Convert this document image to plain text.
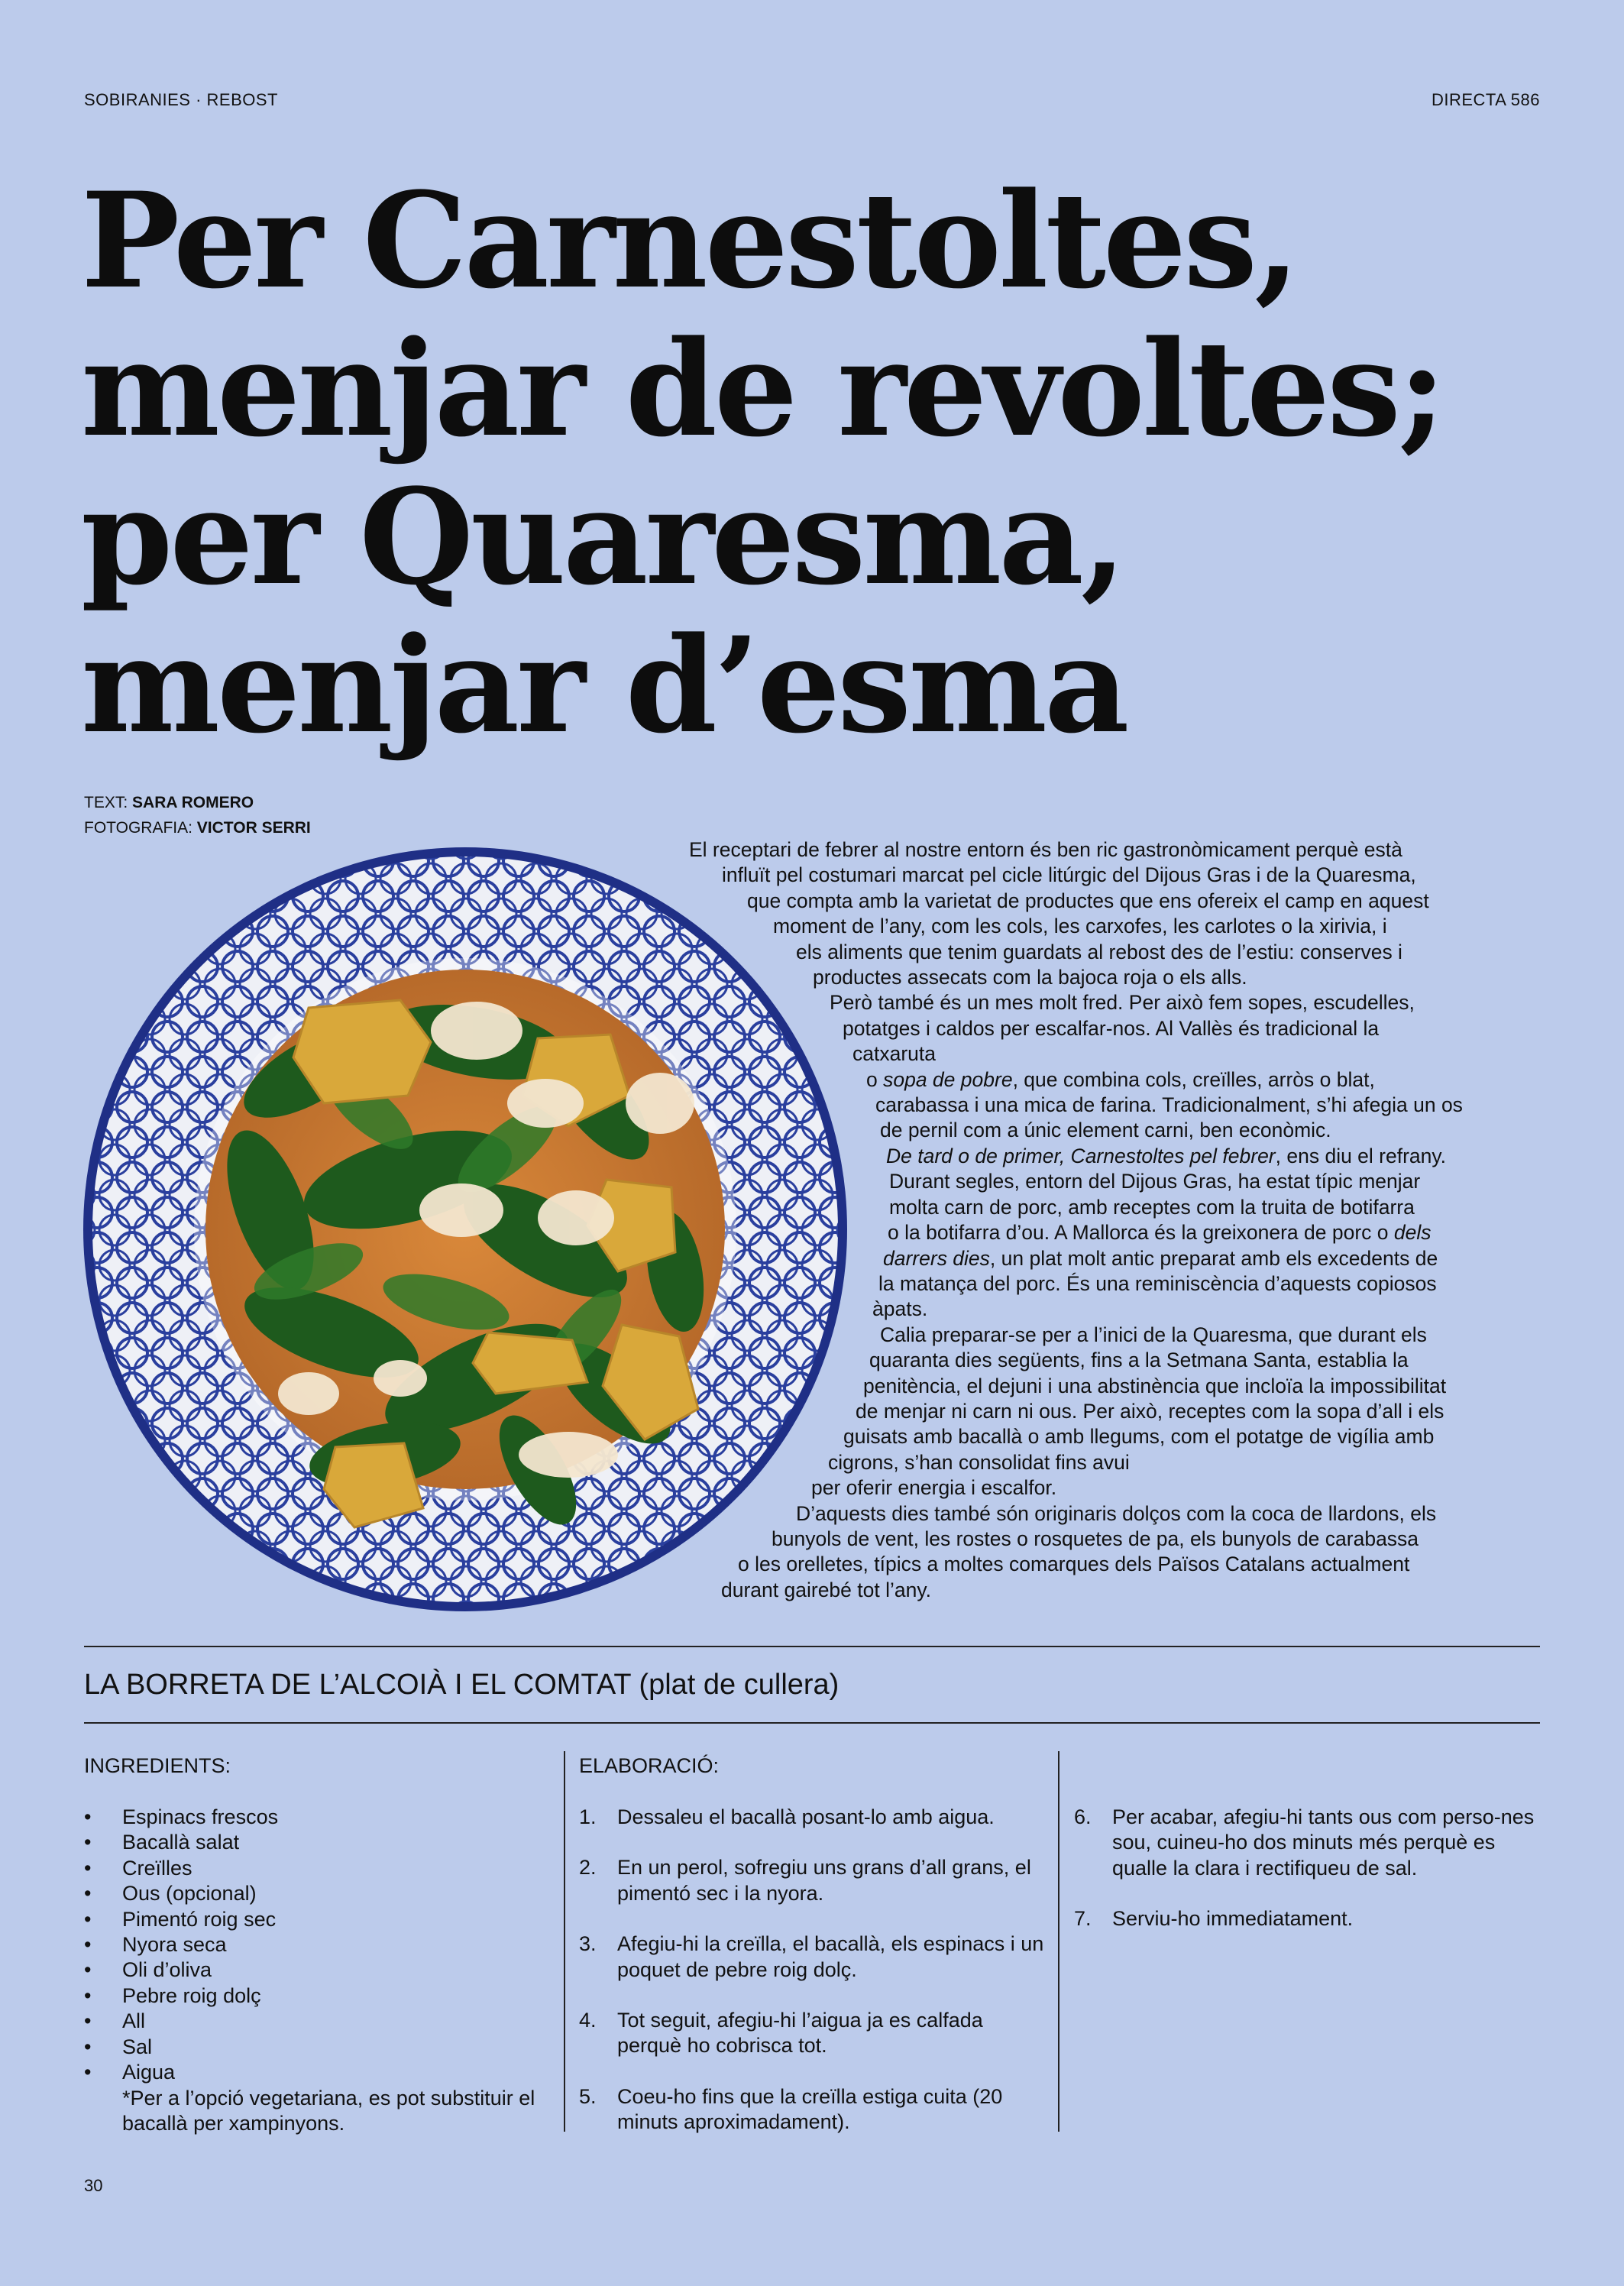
SOBIRANIES · REBOST	DIRECTA 586
Per Carnestoltes,
menjar de revoltes;
per Quaresma,
menjar d’esma
TEXT: SARA ROMERO
FOTOGRAFIA: VICTOR SERRI
El receptari de febrer al nostre entorn és ben ric gastronòmicament perquè està
influït pel costumari marcat pel cicle litúrgic del Dijous Gras i de la Quaresma,
que compta amb la varietat de productes que ens ofereix el camp en aquest
moment de l’any, com les cols, les carxofes, les carlotes o la xirivia, i
els aliments que tenim guardats al rebost des de l’estiu: conserves i
productes assecats com la bajoca roja o els alls.
Però també és un mes molt fred. Per això fem sopes, escudelles,
potatges i caldos per escalfar-nos. Al Vallès és tradicional la
catxaruta
o sopa de pobre, que combina cols, creïlles, arròs o blat,
carabassa i una mica de farina. Tradicionalment, s’hi afegia un os
de pernil com a únic element carni, ben econòmic.
De tard o de primer, Carnestoltes pel febrer, ens diu el refrany.
Durant segles, entorn del Dijous Gras, ha estat típic menjar
molta carn de porc, amb receptes com la truita de botifarra
o la botifarra d’ou. A Mallorca és la greixonera de porc o dels
darrers dies, un plat molt antic preparat amb els excedents de
la matança del porc. És una reminiscència d’aquests copiosos
àpats.
Calia preparar-se per a l’inici de la Quaresma, que durant els
quaranta dies següents, fins a la Setmana Santa, establia la
penitència, el dejuni i una abstinència que incloïa la impossibilitat
de menjar ni carn ni ous. Per això, receptes com la sopa d’all i els
guisats amb bacallà o amb llegums, com el potatge de vigília amb
cigrons, s’han consolidat fins avui
per oferir energia i escalfor.
D’aquests dies també són originaris dolços com la coca de llardons, els
bunyols de vent, les rostes o rosquetes de pa, els bunyols de carabassa
o les orelletes, típics a moltes comarques dels Països Catalans actualment
durant gairebé tot l’any.
LA BORRETA DE L’ALCOIÀ I EL COMTAT (plat de cullera)
INGREDIENTS:	ELABORACIÓ:
• Espinacs frescos
• Bacallà salat
• Creïlles
• Ous (opcional)
• Pimentó roig sec
• Nyora seca
• Oli d’oliva
• Pebre roig dolç
• All
• Sal
• Aigua
*Per a l’opció vegetariana, es pot substituir el bacallà per xampinyons.
1. Dessaleu el bacallà posant-lo amb aigua.
2. En un perol, sofregiu uns grans d’all grans, el pimentó sec i la nyora.
3. Afegiu-hi la creïlla, el bacallà, els espinacs i un poquet de pebre roig dolç.
4. Tot seguit, afegiu-hi l’aigua ja es calfada perquè ho cobrisca tot.
5. Coeu-ho fins que la creïlla estiga cuita (20 minuts aproximadament).
6. Per acabar, afegiu-hi tants ous com perso-nes sou, cuineu-ho dos minuts més perquè es qualle la clara i rectifiqueu de sal.
7. Serviu-ho immediatament.
30
